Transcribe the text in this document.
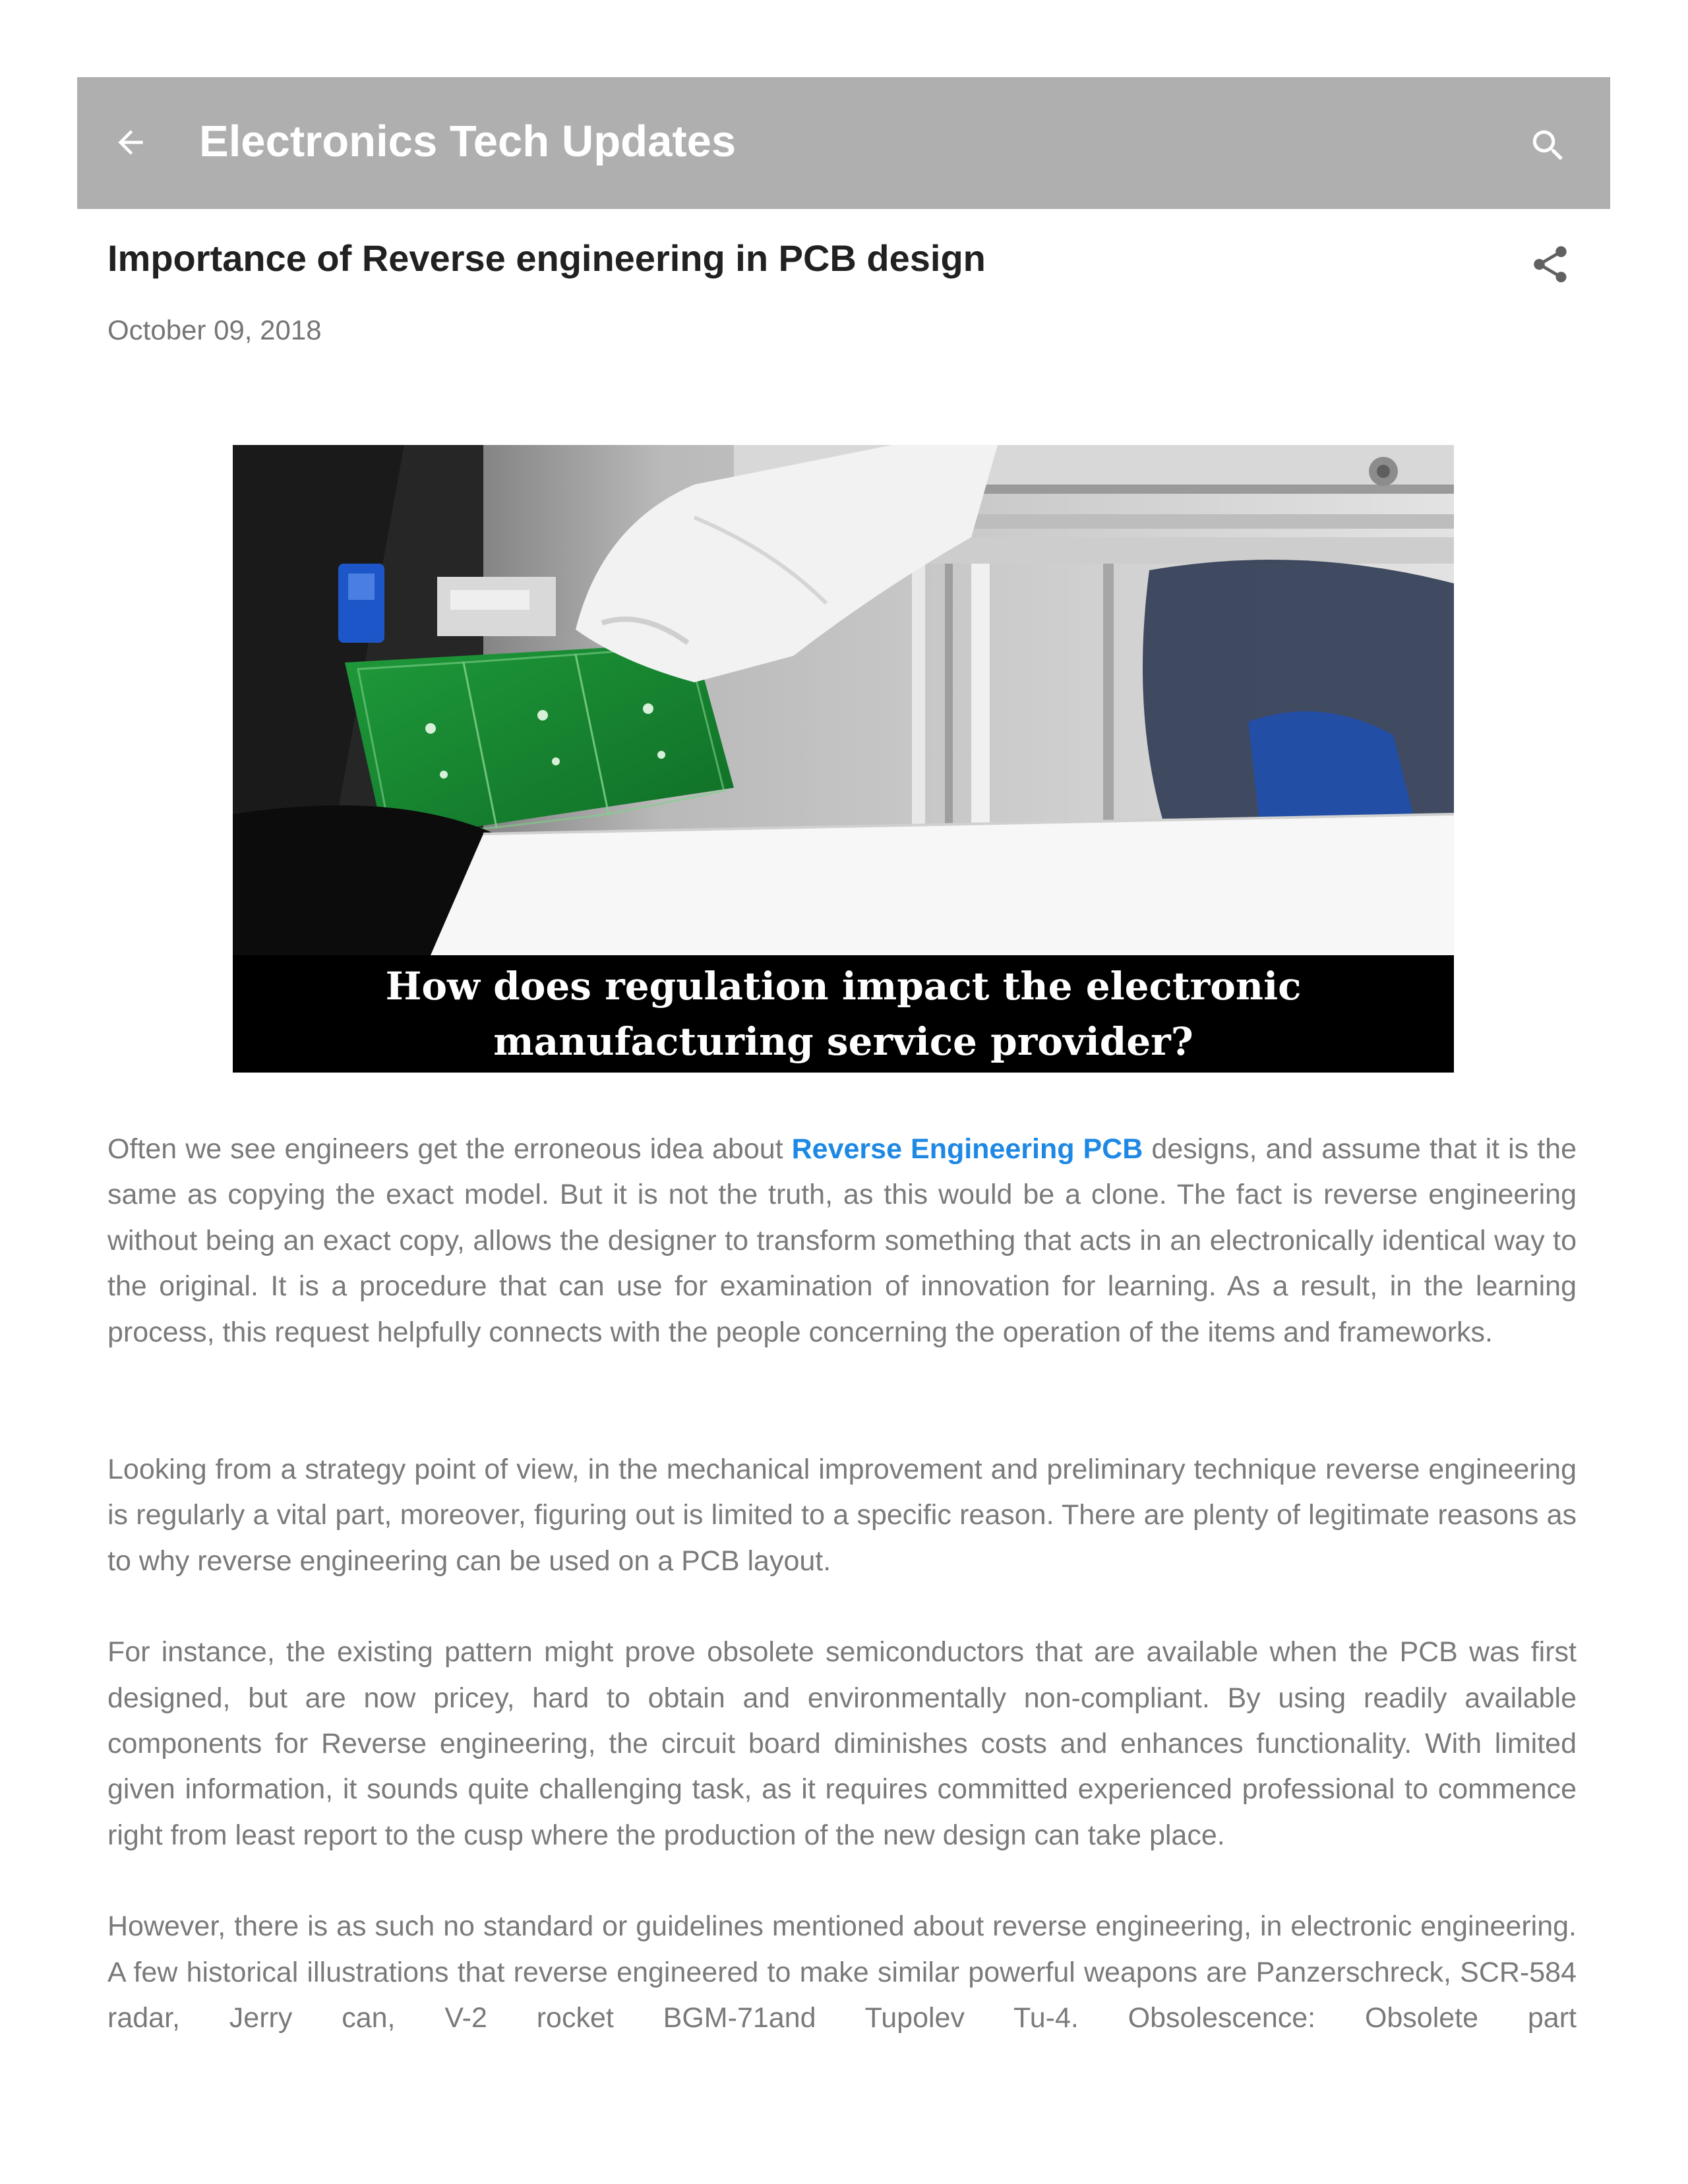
Electronics Tech Updates
Importance of Reverse engineering in PCB design
October 09, 2018
How does regulation impact the electronic manufacturing service provider?

Often we see engineers get the erroneous idea about Reverse Engineering PCB designs, and assume that it is the same as copying the exact model. But it is not the truth, as this would be a clone. The fact is reverse engineering without being an exact copy, allows the designer to transform something that acts in an electronically identical way to the original. It is a procedure that can use for examination of innovation for learning. As a result, in the learning process, this request helpfully connects with the people concerning the operation of the items and frameworks.

Looking from a strategy point of view, in the mechanical improvement and preliminary technique reverse engineering is regularly a vital part, moreover, figuring out is limited to a specific reason. There are plenty of legitimate reasons as to why reverse engineering can be used on a PCB layout.

For instance, the existing pattern might prove obsolete semiconductors that are available when the PCB was first designed, but are now pricey, hard to obtain and environmentally non-compliant. By using readily available components for Reverse engineering, the circuit board diminishes costs and enhances functionality. With limited given information, it sounds quite challenging task, as it requires committed experienced professional to commence right from least report to the cusp where the production of the new design can take place.

However, there is as such no standard or guidelines mentioned about reverse engineering, in electronic engineering. A few historical illustrations that reverse engineered to make similar powerful weapons are Panzerschreck, SCR-584 radar, Jerry can, V-2 rocket BGM-71and Tupolev Tu-4. Obsolescence: Obsolete part
